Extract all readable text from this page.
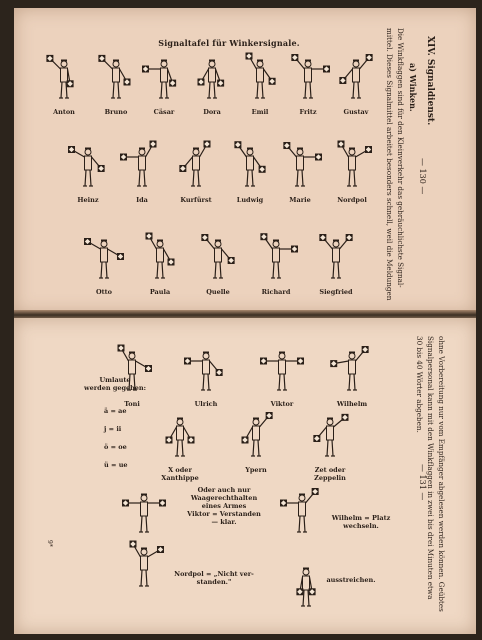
Signaltafel für Winkersignale.
— 130 —
XIV. Signaldienst.
a) Winken.
Die Winkflaggen sind für den Kleinverkehr das gebräuchlichste Signal-
mittel. Dieses Signalmittel arbeitet besonders schnell, weil die Meldungen
Anton	Bruno	Cäsar	Dora	Emil	Fritz	Gustav
Heinz	Ida	Kurfürst	Ludwig	Marie	Nordpol
Otto	Paula	Quelle	Richard	Siegfried
— 131 —	ohne Vorbereitung nur vom Empfänger abgelesen werden können. Geübtes
Signalpersonal kann mit den Winkflaggen in zwei bis drei Minuten etwa
30 bis 40 Wörter abgeben.
9*
Toni	Ulrich	Viktor	Wilhelm
Umlaute
werden gegeben:

ä = ae

j = ii

ö = oe

ü = ue

X oder Xanthippe
Ypern	Zet oder Zeppelin
Oder auch nur
Waagerechthalten
eines Armes
Viktor = Verstanden
— klar.	Wilhelm = Platz
wechseln.
Nordpol = „Nicht ver-
standen."	ausstreichen.
